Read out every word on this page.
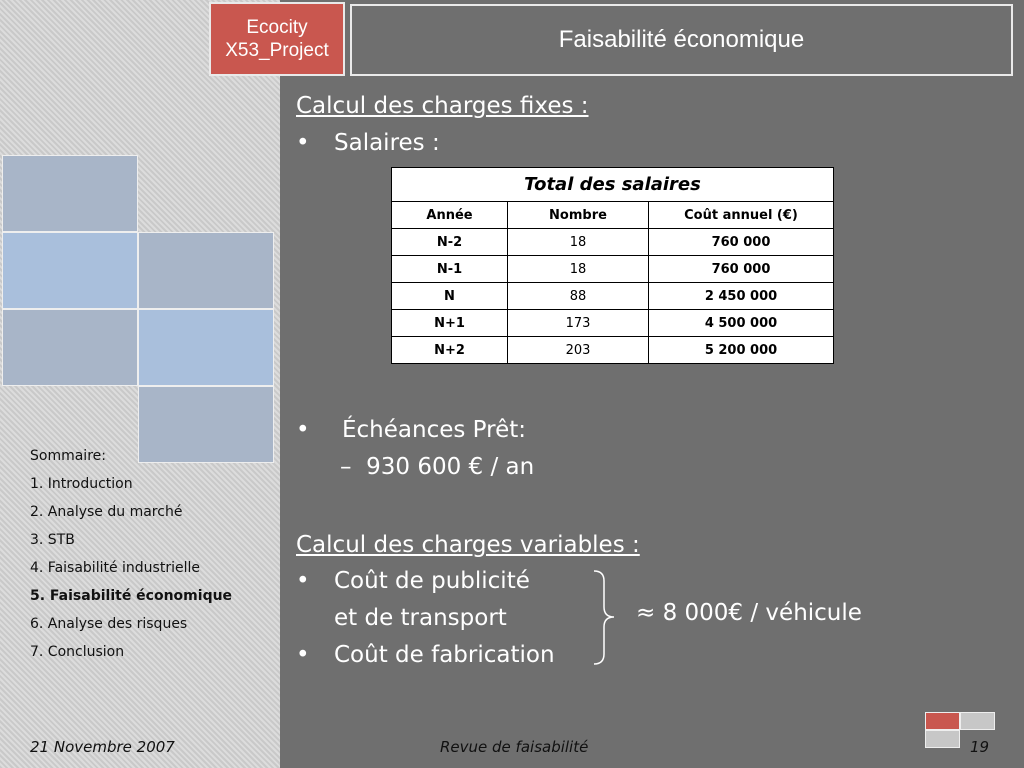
Ecocity
X53_Project	Faisabilité économique
Sommaire:
1. Introduction
2. Analyse du marché
3. STB
4. Faisabilité industrielle
5. Faisabilité économique
6. Analyse des risques
7. Conclusion
Calcul des charges fixes :
• Salaires :
Total des salaires		
Année	Nombre	Coût annuel (€)
N-2	18	760 000
N-1	18	760 000
N	88	2 450 000
N+1	173	4 500 000
N+2	203	5 200 000
• Échéances Prêt:
– 930 600 € / an
Calcul des charges variables :
• Coût de publicité
et de transport
• Coût de fabrication
≈ 8 000€ / véhicule
21 Novembre 2007	Revue de faisabilité	19
